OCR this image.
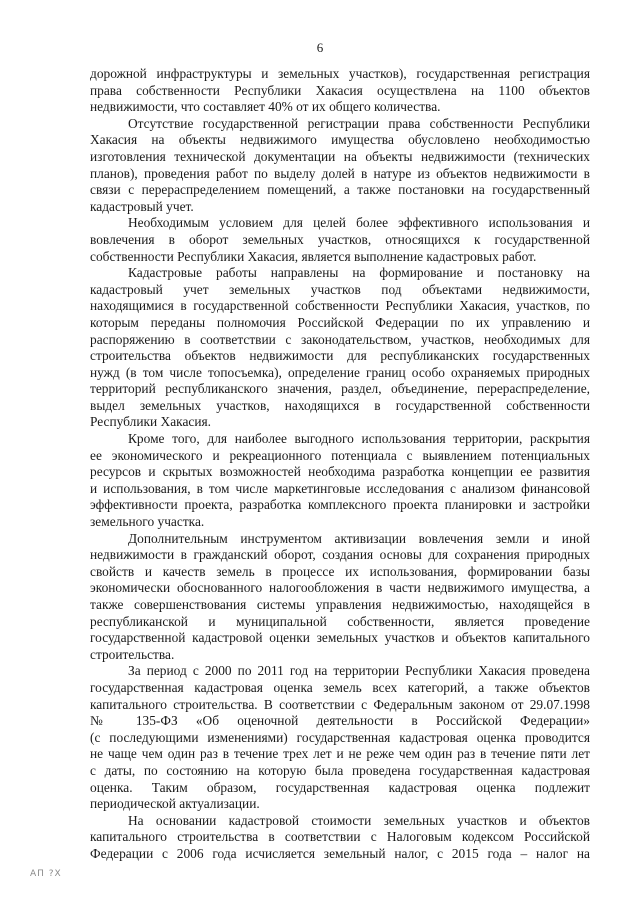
6
дорожной инфраструктуры и земельных участков), государственная регистрация
права собственности Республики Хакасия осуществлена на 1100 объектов
недвижимости, что составляет 40% от их общего количества.
Отсутствие государственной регистрации права собственности Республики
Хакасия на объекты недвижимого имущества обусловлено необходимостью
изготовления технической документации на объекты недвижимости (технических
планов), проведения работ по выделу долей в натуре из объектов недвижимости в
связи с перераспределением помещений, а также постановки на государственный
кадастровый учет.
Необходимым условием для целей более эффективного использования и
вовлечения в оборот земельных участков, относящихся к государственной
собственности Республики Хакасия, является выполнение кадастровых работ.
Кадастровые работы направлены на формирование и постановку на
кадастровый учет земельных участков под объектами недвижимости,
находящимися в государственной собственности Республики Хакасия, участков, по
которым переданы полномочия Российской Федерации по их управлению и
распоряжению в соответствии с законодательством, участков, необходимых для
строительства объектов недвижимости для республиканских государственных
нужд (в том числе топосъемка), определение границ особо охраняемых природных
территорий республиканского значения, раздел, объединение, перераспределение,
выдел земельных участков, находящихся в государственной собственности
Республики Хакасия.
Кроме того, для наиболее выгодного использования территории, раскрытия
ее экономического и рекреационного потенциала с выявлением потенциальных
ресурсов и скрытых возможностей необходима разработка концепции ее развития
и использования, в том числе маркетинговые исследования с анализом финансовой
эффективности проекта, разработка комплексного проекта планировки и застройки
земельного участка.
Дополнительным инструментом активизации вовлечения земли и иной
недвижимости в гражданский оборот, создания основы для сохранения природных
свойств и качеств земель в процессе их использования, формировании базы
экономически обоснованного налогообложения в части недвижимого имущества, а
также совершенствования системы управления недвижимостью, находящейся в
республиканской и муниципальной собственности, является проведение
государственной кадастровой оценки земельных участков и объектов капитального
строительства.
За период с 2000 по 2011 год на территории Республики Хакасия проведена
государственная кадастровая оценка земель всех категорий, а также объектов
капитального строительства. В соответствии с Федеральным законом от 29.07.1998
№ 135-ФЗ «Об оценочной деятельности в Российской Федерации»
(с последующими изменениями) государственная кадастровая оценка проводится
не чаще чем один раз в течение трех лет и не реже чем один раз в течение пяти лет
с даты, по состоянию на которую была проведена государственная кадастровая
оценка. Таким образом, государственная кадастровая оценка подлежит
периодической актуализации.
На основании кадастровой стоимости земельных участков и объектов
капитального строительства в соответствии с Налоговым кодексом Российской
Федерации с 2006 года исчисляется земельный налог, с 2015 года – налог на
АП ?Х
